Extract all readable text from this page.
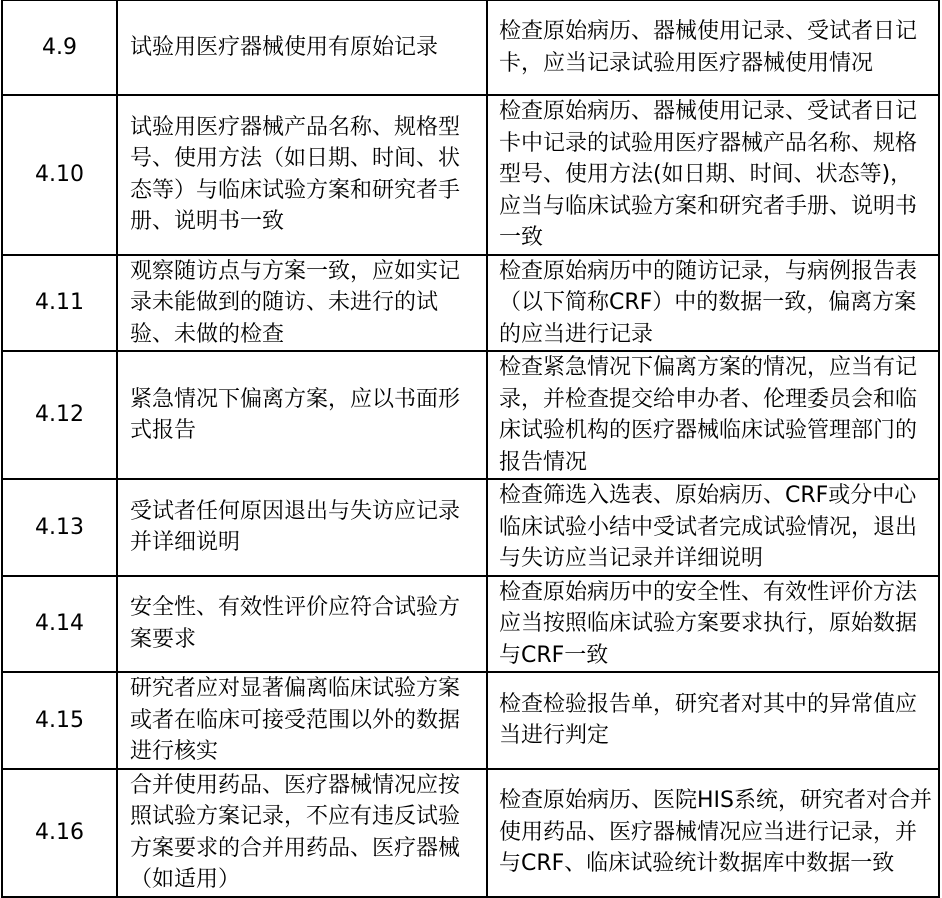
4.9	试验用医疗器械使用有原始记录	检查原始病历、器械使用记录、受试者日记卡，应当记录试验用医疗器械使用情况

4.10	试验用医疗器械产品名称、规格型号、使用方法（如日期、时间、状态等）与临床试验方案和研究者手册、说明书一致	检查原始病历、器械使用记录、受试者日记卡中记录的试验用医疗器械产品名称、规格型号、使用方法(如日期、时间、状态等)，应当与临床试验方案和研究者手册、说明书一致

4.11	观察随访点与方案一致，应如实记录未能做到的随访、未进行的试验、未做的检查	检查原始病历中的随访记录，与病例报告表（以下简称CRF）中的数据一致，偏离方案的应当进行记录

4.12	紧急情况下偏离方案，应以书面形式报告	检查紧急情况下偏离方案的情况，应当有记录，并检查提交给申办者、伦理委员会和临床试验机构的医疗器械临床试验管理部门的报告情况

4.13	受试者任何原因退出与失访应记录并详细说明	检查筛选入选表、原始病历、CRF或分中心临床试验小结中受试者完成试验情况，退出与失访应当记录并详细说明

4.14	安全性、有效性评价应符合试验方案要求	检查原始病历中的安全性、有效性评价方法应当按照临床试验方案要求执行，原始数据与CRF一致

4.15	研究者应对显著偏离临床试验方案或者在临床可接受范围以外的数据进行核实	检查检验报告单，研究者对其中的异常值应当进行判定

4.16	合并使用药品、医疗器械情况应按照试验方案记录，不应有违反试验方案要求的合并用药品、医疗器械（如适用）	检查原始病历、医院HIS系统，研究者对合并使用药品、医疗器械情况应当进行记录，并与CRF、临床试验统计数据库中数据一致
